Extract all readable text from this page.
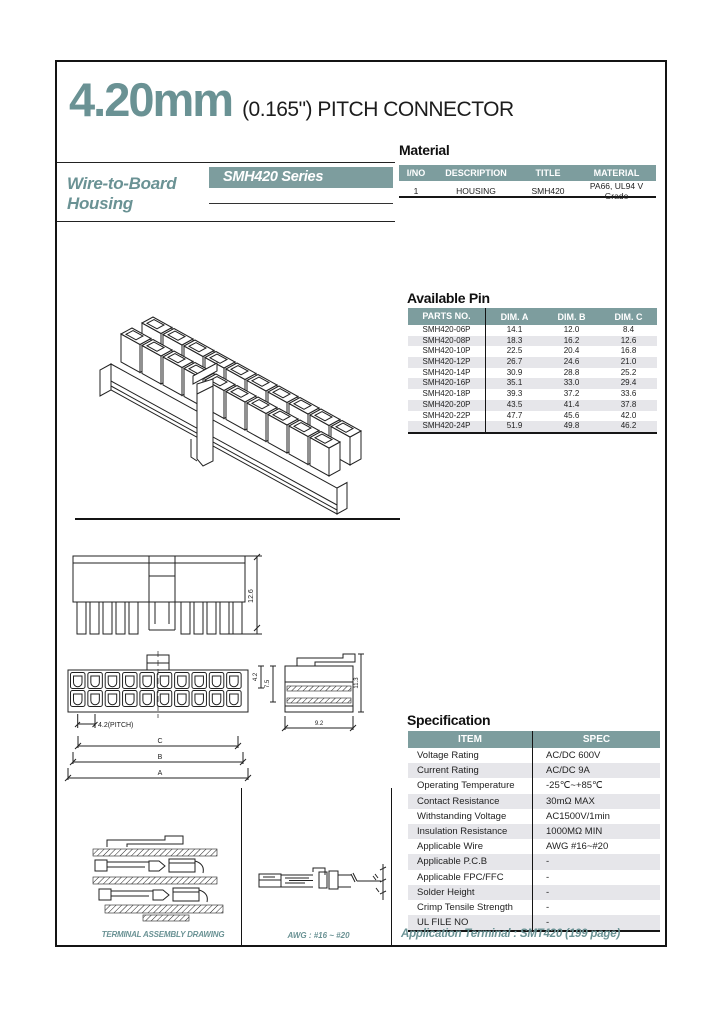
4.20mm (0.165") PITCH CONNECTOR
Wire-to-Board
Housing
SMH420 Series
Material
I/NO	DESCRIPTION	TITLE	MATERIAL
1	HOUSING	SMH420	PA66, UL94 V Grade
Available Pin
PARTS NO.	DIM. A	DIM. B	DIM. C
SMH420-06P	14.1	12.0	8.4
SMH420-08P	18.3	16.2	12.6
SMH420-10P	22.5	20.4	16.8
SMH420-12P	26.7	24.6	21.0
SMH420-14P	30.9	28.8	25.2
SMH420-16P	35.1	33.0	29.4
SMH420-18P	39.3	37.2	33.6
SMH420-20P	43.5	41.4	37.8
SMH420-22P	47.7	45.6	42.0
SMH420-24P	51.9	49.8	46.2
12.6
4.2(PITCH)
C
B
A
4.2
7.5	11.3
9.2	Specification
ITEM	SPEC
Voltage Rating	AC/DC 600V
Current Rating	AC/DC 9A
Operating Temperature	-25℃~+85℃
Contact Resistance	30mΩ MAX
Withstanding Voltage	AC1500V/1min
Insulation Resistance	1000MΩ MIN
Applicable Wire	AWG #16~#20
Applicable P.C.B	-
Applicable FPC/FFC	-
Solder Height	-
Crimp Tensile Strength	-
UL FILE NO	-
TERMINAL ASSEMBLY DRAWING	AWG : #16 ~ #20	Application Terminal : SMT420 (199 page)
